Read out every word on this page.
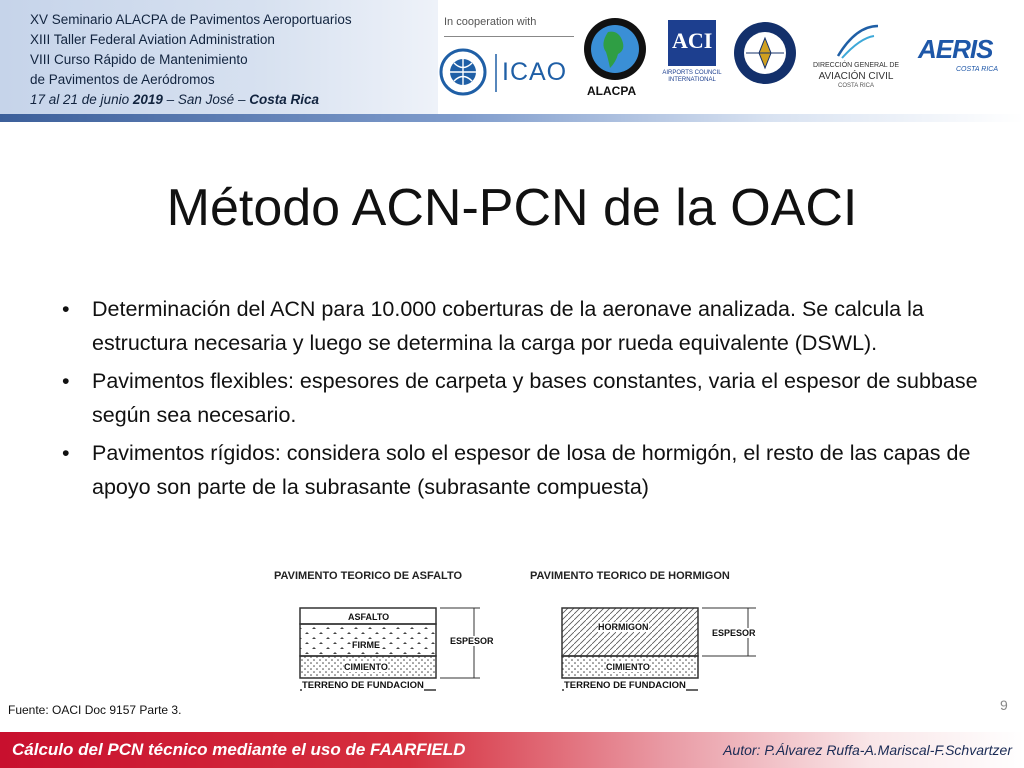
XV Seminario ALACPA de Pavimentos Aeroportuarios
XIII Taller Federal Aviation Administration
VIII Curso Rápido de Mantenimiento
de Pavimentos de Aeródromos
17 al 21 de junio 2019 – San José – Costa Rica
In cooperation with
ICAO
ALACPA
ACI
AIRPORTS COUNCIL INTERNATIONAL
DIRECCIÓN GENERAL DE
AVIACIÓN CIVIL
COSTA RICA
AERIS
COSTA RICA
Método ACN-PCN de la OACI
• Determinación del ACN para 10.000 coberturas de la aeronave analizada. Se calcula la estructura necesaria y luego se determina la carga por rueda equivalente (DSWL).
• Pavimentos flexibles: espesores de carpeta y bases constantes, varia el espesor de subbase según sea necesario.
• Pavimentos rígidos: considera solo el espesor de losa de hormigón, el resto de las capas de apoyo son parte de la subrasante (subrasante compuesta)
PAVIMENTO TEORICO DE ASFALTO
ASFALTO
FIRME
CIMIENTO
TERRENO DE FUNDACION
ESPESOR
PAVIMENTO TEORICO DE HORMIGON
HORMIGON
CIMIENTO
TERRENO DE FUNDACION
ESPESOR
Fuente: OACI Doc 9157 Parte 3.	9
Cálculo del PCN técnico mediante el uso de FAARFIELD	Autor: P.Álvarez Ruffa-A.Mariscal-F.Schvartzer
